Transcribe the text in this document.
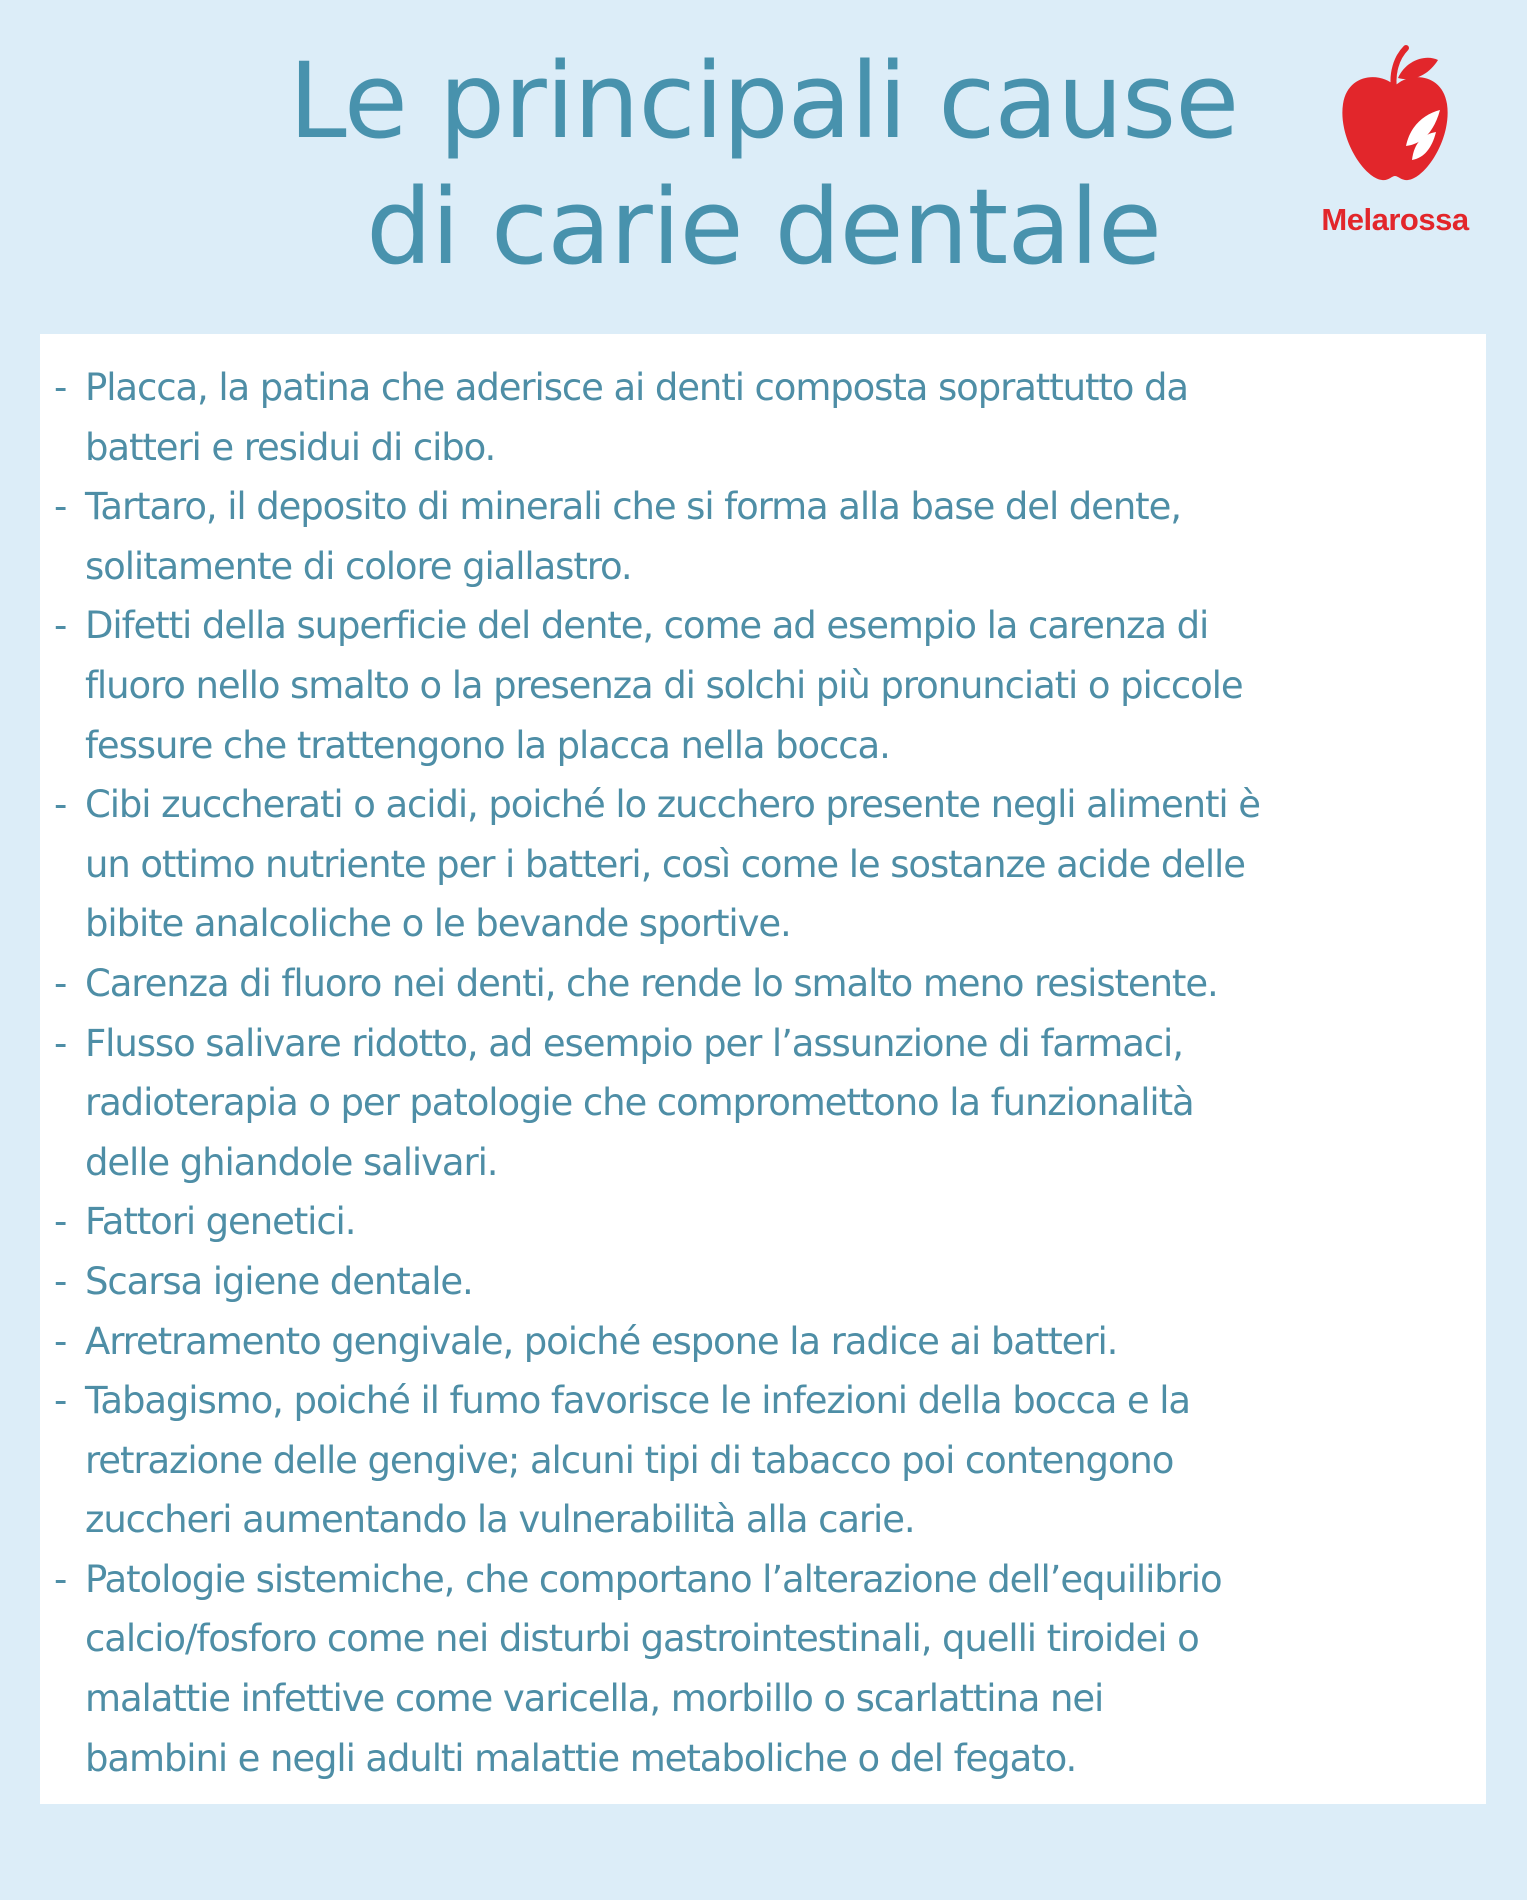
Le principali cause
di carie dentale	Melarossa
- Placca, la patina che aderisce ai denti composta soprattutto da
batteri e residui di cibo.
- Tartaro, il deposito di minerali che si forma alla base del dente,
solitamente di colore giallastro.
- Difetti della superficie del dente, come ad esempio la carenza di
fluoro nello smalto o la presenza di solchi più pronunciati o piccole
fessure che trattengono la placca nella bocca.
- Cibi zuccherati o acidi, poiché lo zucchero presente negli alimenti è
un ottimo nutriente per i batteri, così come le sostanze acide delle
bibite analcoliche o le bevande sportive.
- Carenza di fluoro nei denti, che rende lo smalto meno resistente.
- Flusso salivare ridotto, ad esempio per l’assunzione di farmaci,
radioterapia o per patologie che compromettono la funzionalità
delle ghiandole salivari.
- Fattori genetici.
- Scarsa igiene dentale.
- Arretramento gengivale, poiché espone la radice ai batteri.
- Tabagismo, poiché il fumo favorisce le infezioni della bocca e la
retrazione delle gengive; alcuni tipi di tabacco poi contengono
zuccheri aumentando la vulnerabilità alla carie.
- Patologie sistemiche, che comportano l’alterazione dell’equilibrio
calcio/fosforo come nei disturbi gastrointestinali, quelli tiroidei o
malattie infettive come varicella, morbillo o scarlattina nei
bambini e negli adulti malattie metaboliche o del fegato.
